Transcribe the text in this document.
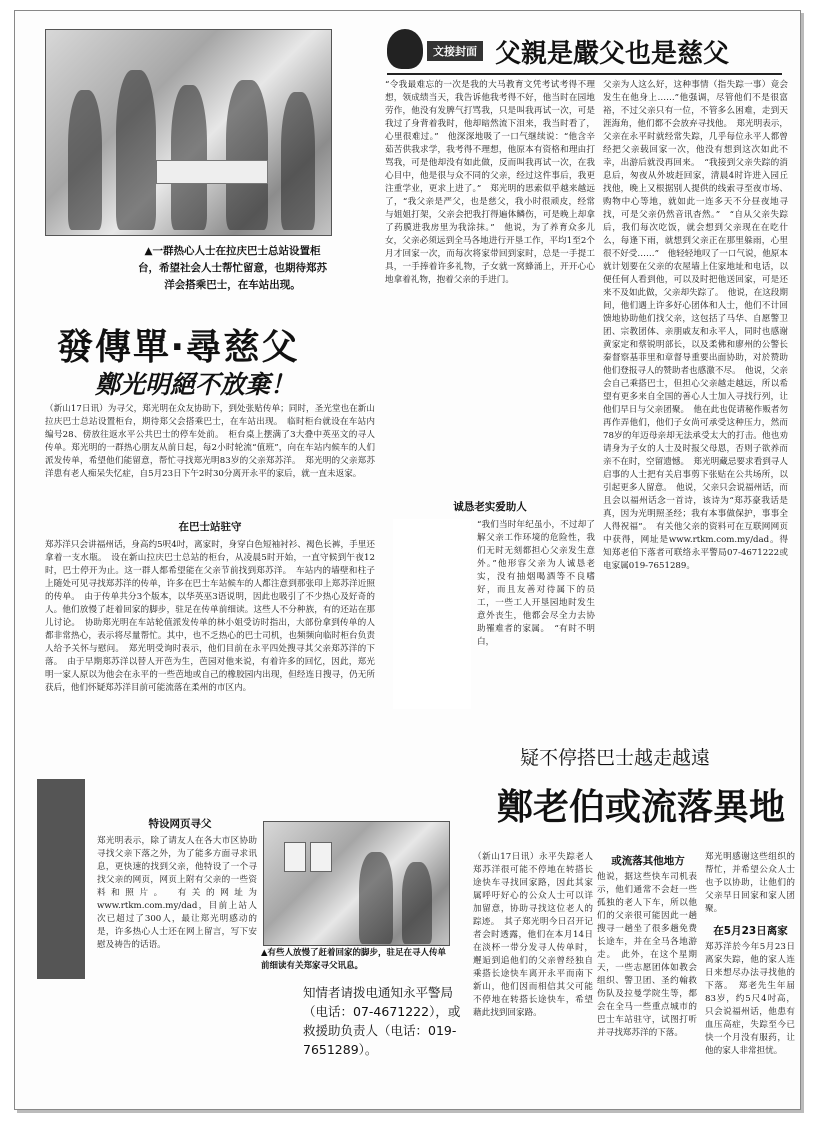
▲一群热心人士在拉庆巴士总站设置柜台，希望社会人士帮忙留意，也期待郑苏洋会搭乘巴士，在车站出现。
發傳單‧尋慈父
鄭光明絕不放棄！
（新山17日讯）为寻父，郑光明在众友协助下，到处张贴传单；同时，圣光堂也在新山拉庆巴士总站设置柜台，期待郑父会搭乘巴士，在车站出现。　临时柜台就设在车站内编号28、傍放往返水平公共巴士的停车处前。　柜台桌上摆满了3大叠中英巫文的寻人传单。郑光明的一群热心朋友从前日起，每2小时轮流“值班”，向在车站内候车的人们派发传单，希望他们能留意，帮忙寻找郑光明83岁的父亲郑苏洋。　郑光明的父亲郑苏洋患有老人痴呆失忆症，自5月23日下午2时30分离开永平的家后，就一直未返家。
在巴士站驻守
郑苏洋只会讲福州话，身高约5呎4吋，离家时，身穿白色短袖衬衫、褐色长裤，手里还拿着一支水瓶。　设在新山拉庆巴士总站的柜台，从凌晨5时开始，一直守候到午夜12时，巴士停开为止。这一群人都希望能在父亲节前找到郑苏洋。　车站内的墙壁和柱子上随处可见寻找郑苏洋的传单，许多在巴士车站候车的人都注意到那张印上郑苏洋近照的传单。　由于传单共分3个版本，以华英巫3语说明，因此也吸引了不少热心及好奇的人。他们放慢了赶着回家的脚步，驻足在传单前细读。这些人不分种族，有的还站在那儿讨论。　协助郑光明在车站轮值派发传单的林小姐受访时指出，大部份拿到传单的人都非常热心，表示将尽量帮忙。其中，也不乏热心的巴士司机，也频频向临时柜台负责人给予关怀与慰问。　郑光明受询时表示，他们目前在永平四处搜寻其父亲郑苏洋的下落。　由于早期郑苏洋以替人开芭为生，芭园对他来说，有着许多的回忆，因此，郑光明一家人原以为他会在永平的一些芭地或自己的橡胶园内出现，但经连日搜寻，仍无所获后，他们怀疑郑苏洋目前可能流落在柔州的市区内。
特设网页寻父
郑光明表示，除了请友人在各大市区协助寻找父亲下落之外，为了能多方面寻求讯息，更快速的找到父亲，他特设了一个寻找父亲的网页，网页上附有父亲的一些资料和照片。　有关的网址为www.rtkm.com.my/dad，目前上站人次已超过了300人，最让郑光明感动的是，许多热心人士还在网上留言，写下安慰及祷告的话语。
▲有些人放慢了赶着回家的脚步，驻足在寻人传单前细读有关郑家寻父讯息。
知情者请拨电通知永平警局（电话：07-4671222），或救援助负责人（电话：019-7651289）。
文接封面 父親是嚴父也是慈父
“令我最难忘的一次是我的大马教育文凭考试考得不理想，领成绩当天，我告诉他我考得不好，他当时在园地劳作，他没有发脾气打骂我，只是叫我再试一次，可是我过了身背着我时，他却暗然流下泪来，我当时看了，心里很难过。”　他深深地吸了一口气继续说：“他含辛茹苦供我求学，我考得不理想，他原本有资格和理由打骂我，可是他却没有如此做，反而叫我再试一次，在我心目中，他是很与众不同的父亲，经过这件事后，我更注重学业，更求上进了。”　郑光明的思索似乎越来越远了，“我父亲是严父，也是慈父，我小时很顽皮，经常与姐姐打架，父亲会把我打得遍体鳞伤，可是晚上却拿了药膜进我房里为我涂抹。”　他说，为了养育众多儿女，父亲必须远到全马各地进行开垦工作，平均1至2个月才回家一次，而每次将家带回到家时，总是一手提工具，一手捧着许多礼物，子女就一窝蜂涌上，开开心心地拿着礼物，抱着父亲的手进门。
诚恳老实爱助人
“我们当时年纪虽小，不过却了解父亲工作环境的危险性，我们无时无刻都担心父亲发生意外。”他形容父亲为人诚恳老实，没有抽烟喝酒等不良嗜好，而且友善对待属下的员工，一些工人开垦园地时发生意外丧生，他都会尽全力去协助罹难者的家属。　“有时不明白，
父亲为人这么好，这种事情（指失踪一事）竟会发生在他身上……”他强调，尽管他们不是很富裕，不过父亲只有一位，不管多么困难，走到天涯海角，他们都不会放弃寻找他。　郑光明表示，父亲在永平时就经常失踪，几乎每位永平人都曾经把父亲载回家一次，他没有想到这次如此不幸，出游后就没再回来。　“我接到父亲失踪的消息后，匆夜从外坡赶回家，清晨4时许进入园丘找他，晚上又根据别人提供的线索寻至夜市场、购物中心等地，就如此一连多天不分昼夜地寻找，可是父亲仍然音讯杳然。”　“自从父亲失踪后，我们每次吃饭，就会想到父亲现在在吃什么，每逢下雨，就想到父亲正在那里躲雨，心里很不好受……”　他轻轻地叹了一口气说，他原本就计划要在父亲的农屋墙上住家地址和电话，以便任何人看到他，可以及时把他送回家，可是还来不及如此做，父亲却失踪了。　他说，在这段期间，他们遇上许多好心团体和人士，他们不计回馈地协助他们找父亲，这包括了马华、自愿警卫团、宗教团体、亲朋戚友和永平人，同时也感谢黄家定和蔡锐明部长，以及柔佛和廖州的公警长秦督察基菲里和章督导重要出面协助，对於赞助他们登报寻人的赞助者也感激不尽。　他说，父亲会自己乘搭巴士，但担心父亲越走越远，所以希望有更多来自全国的善心人士加入寻找行列，让他们早日与父亲团聚。　他在此也促请秘作贩者勿再作弄他们，他们子女尚可承受这种压力，然而78岁的年迈母亲却无法承受太大的打击。他也劝请身为子女的人士及时报父母恩，否则子欲养而亲不在时，空留遗憾。　郑光明藏忌要求看到寻人启事的人士把有关启事剪下张贴在公共场所，以引起更多人留意。　他说，父亲只会说福州话，而且会以福州话念一首诗，该诗为“郑苏豪我话是真，因为光明照圣经；我有本事做保护，事事全人得祝福”。　有关他父亲的资料可在互联网网页中获得，网址是www.rtkm.com.my/dad。得知郑老伯下落者可联络永平警局07-4671222或电家属019-7651289。
疑不停搭巴士越走越遠
鄭老伯或流落異地
（新山17日讯）永平失踪老人郑苏洋很可能不停地在转搭长途快车寻找回家路，因此其家属呼吁好心的公众人士可以详加留意，协助寻找这位老人的踪迹。　其子郑光明今日召开记者会时透露，他们在本月14日在淡杯一带分发寻人传单时，邂逅到追他们的父亲曾经独自乘搭长途快车离开永平而南下新山，他们因而相信其父可能不停地在转搭长途快车，希望藉此找到回家路。
或流落其他地方
他说，据这些快车司机表示，他们通常不会赶一些孤独的老人下车，所以他们的父亲很可能因此一趟搜寻一趟坐了很多趟免费长途车，并在全马各地游走。　此外，在这个星期天，一些志愿团体如教会组织、警卫团、圣约翰救伤队及拉曼学院生等，都会在全马一些重点城市的巴士车站驻守，试图打听并寻找郑苏洋的下落。
郑光明感谢这些组织的帮忙，并希望公众人士也予以协助，让他们的父亲早日回家和家人团聚。
在5月23日离家
郑苏洋於今年5月23日离家失踪，他的家人连日来想尽办法寻找他的下落。　郑老先生年届83岁，约5尺4吋高，只会说福州话，他患有血压高症，失踪至今已快一个月没有服药，让他的家人非常担忧。
